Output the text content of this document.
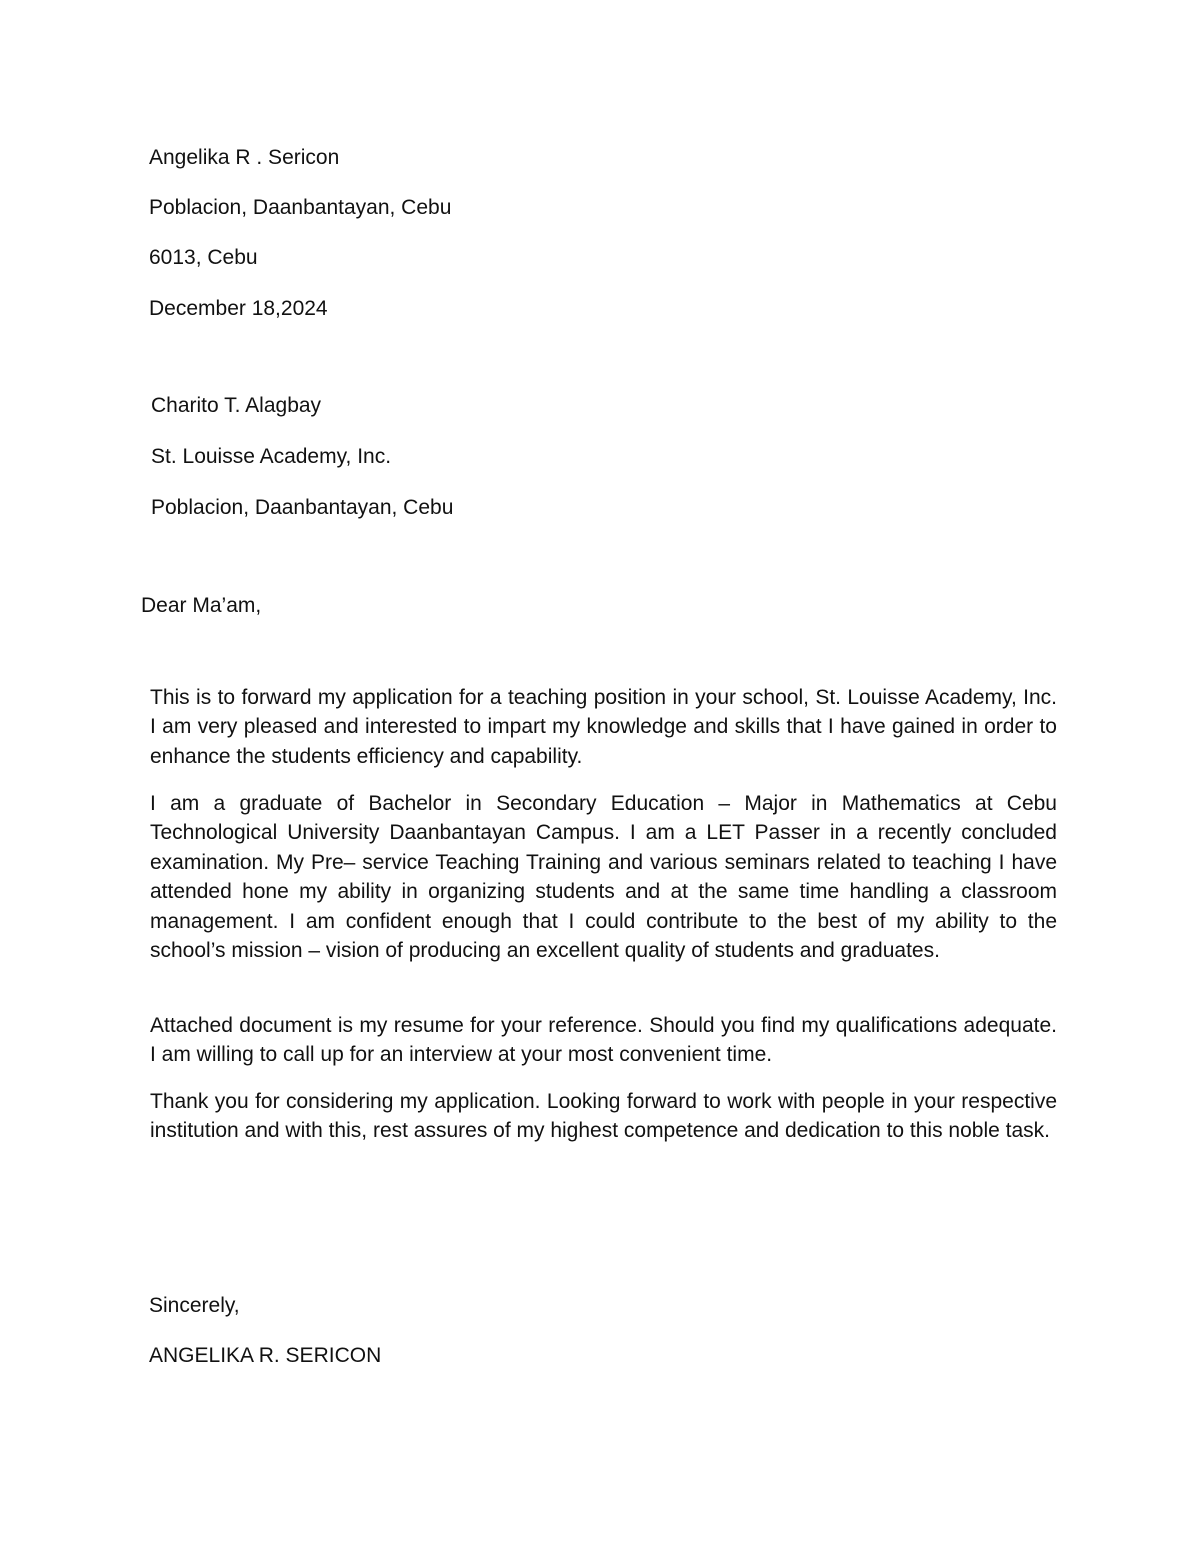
Angelika R . Sericon
Poblacion, Daanbantayan, Cebu
6013, Cebu
December 18,2024
Charito T. Alagbay
St. Louisse Academy, Inc.
Poblacion, Daanbantayan, Cebu
Dear Ma’am,

This is to forward my application for a teaching position in your school, St. Louisse Academy, Inc. I am very pleased and interested to impart my knowledge and skills that I have gained in order to enhance the students efficiency and capability.

I am a graduate of Bachelor in Secondary Education – Major in Mathematics at Cebu Technological University Daanbantayan Campus. I am a LET Passer in a recently concluded examination. My Pre– service Teaching Training and various seminars related to teaching I have attended hone my ability in organizing students and at the same time handling a classroom management. I am confident enough that I could contribute to the best of my ability to the school’s mission – vision of producing an excellent quality of students and graduates.

Attached document is my resume for your reference. Should you find my qualifications adequate. I am willing to call up for an interview at your most convenient time.

Thank you for considering my application. Looking forward to work with people in your respective institution and with this, rest assures of my highest competence and dedication to this noble task.

Sincerely,
ANGELIKA R. SERICON
